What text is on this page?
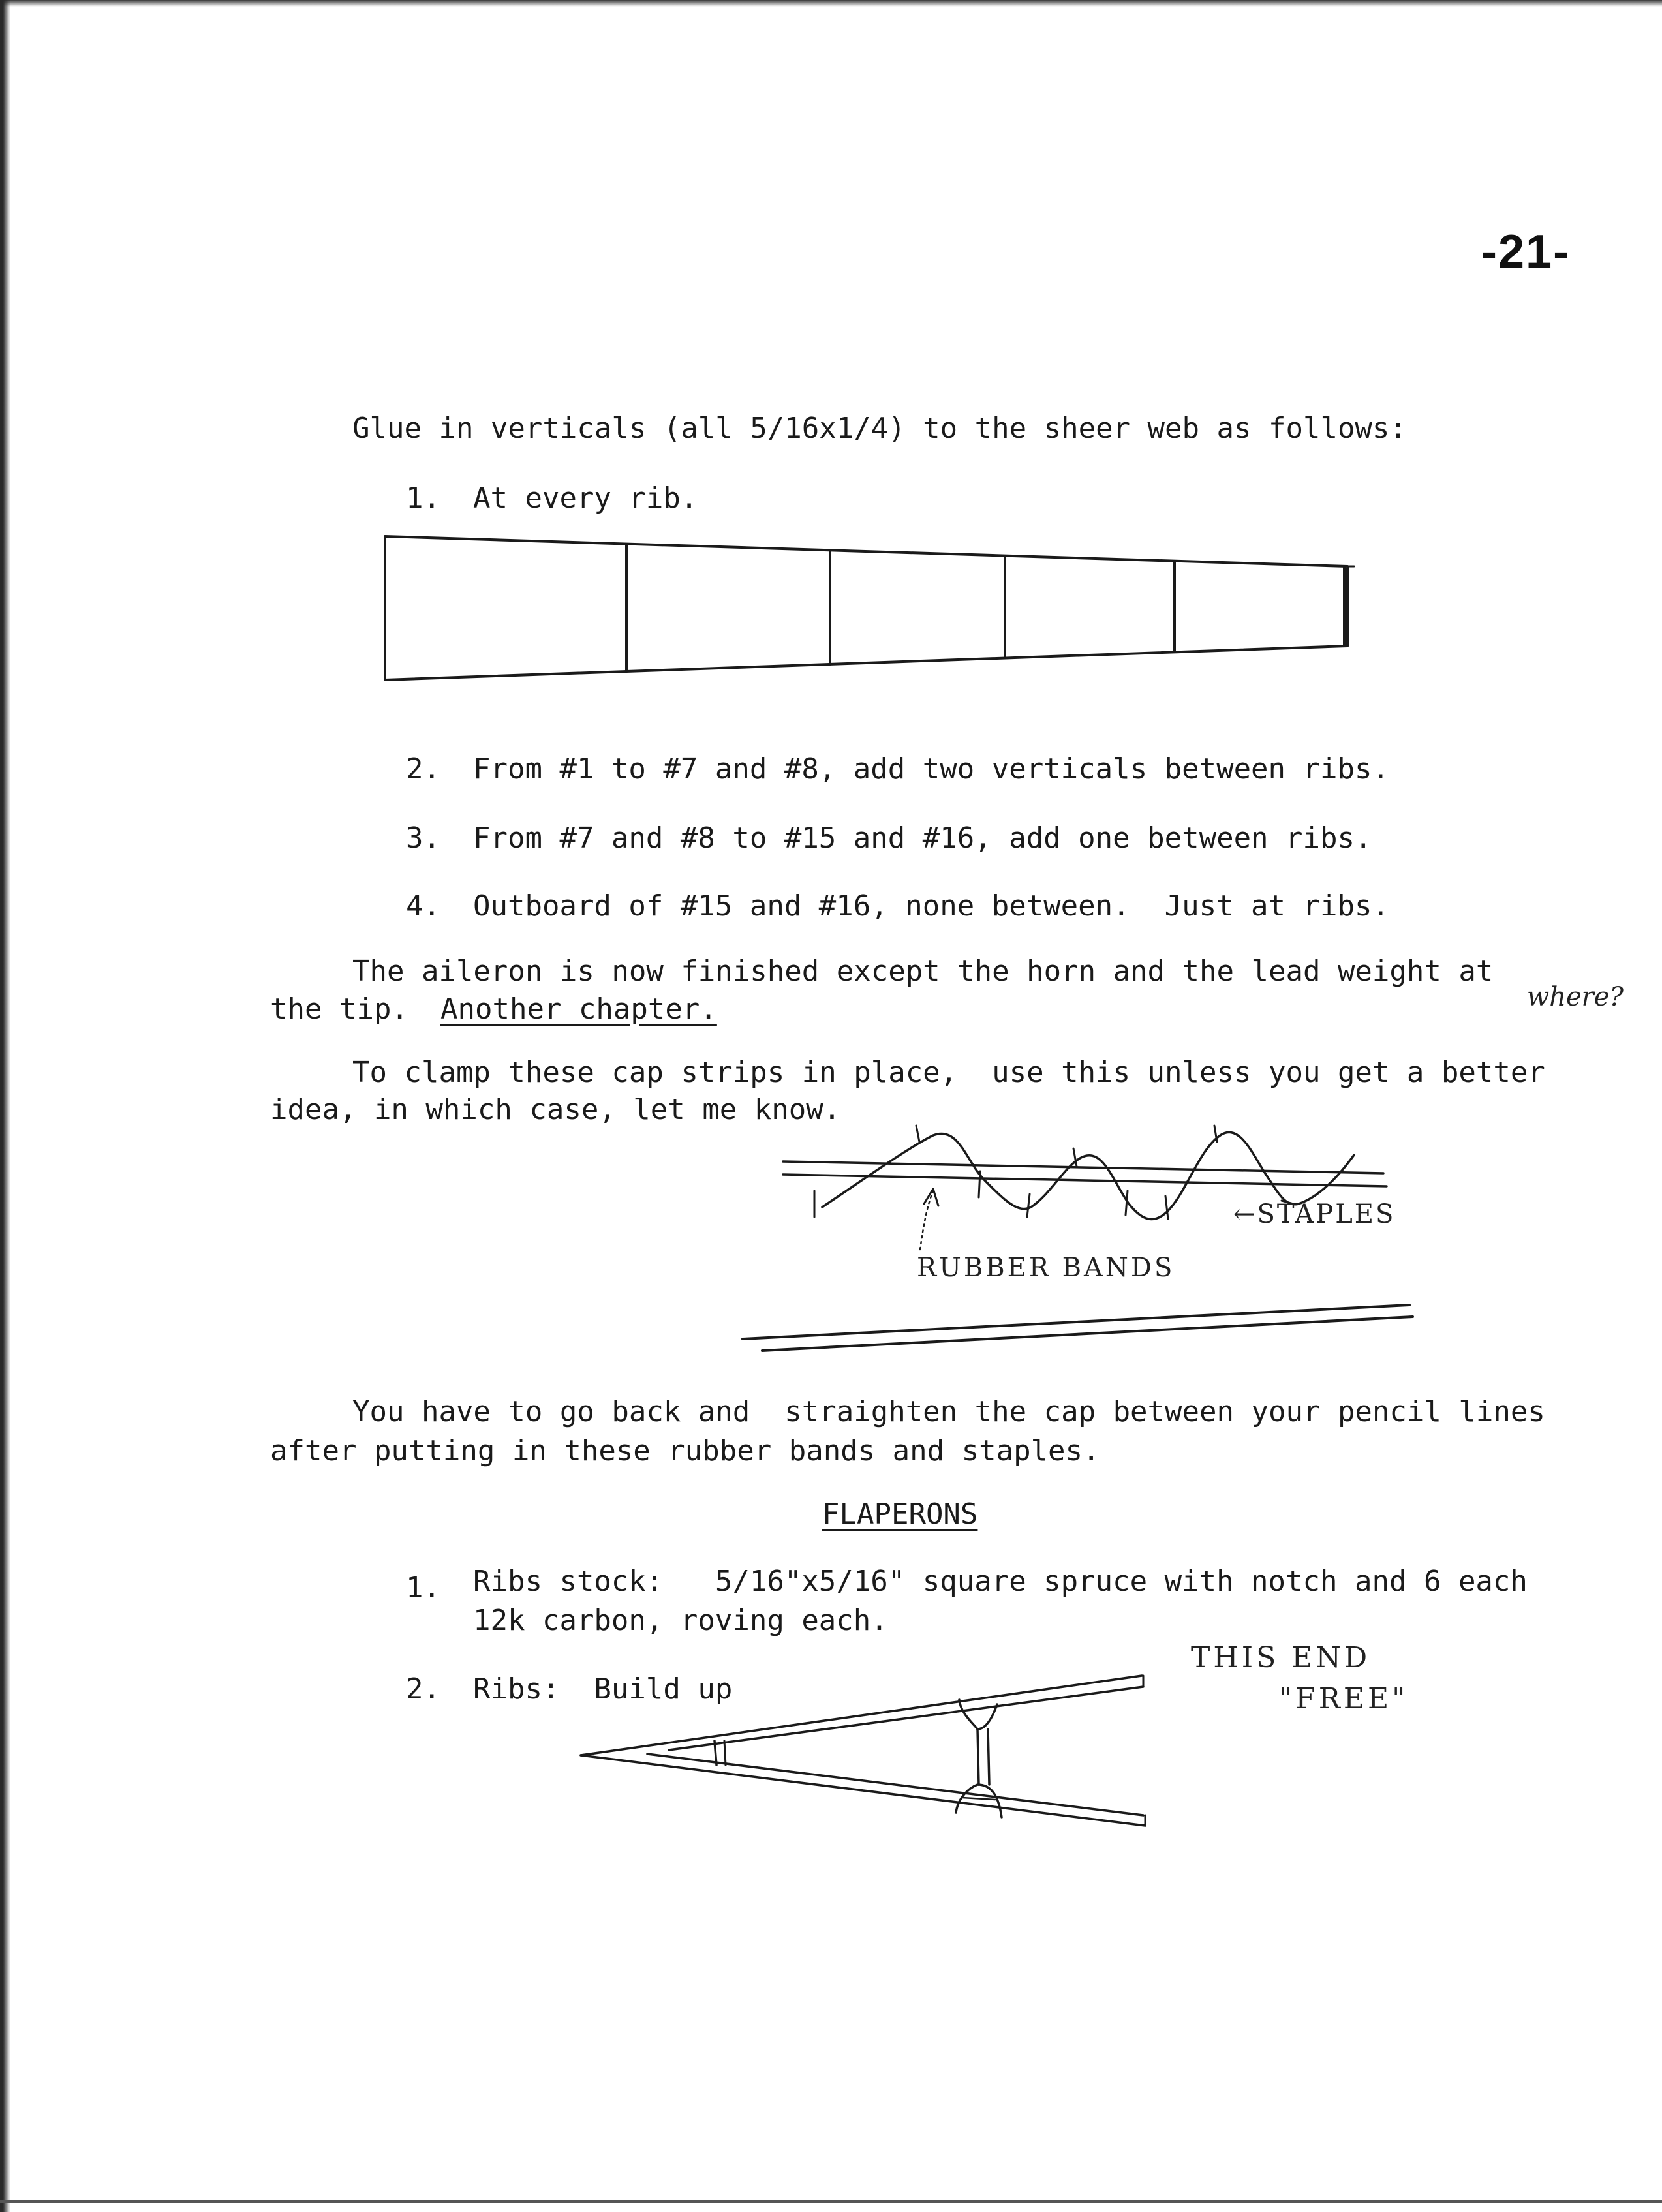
-21-
Glue in verticals (all 5/16x1/4) to the sheer web as follows:
1. At every rib.
2. From #1 to #7 and #8, add two verticals between ribs.
3. From #7 and #8 to #15 and #16, add one between ribs.
4. Outboard of #15 and #16, none between.  Just at ribs.
The aileron is now finished except the horn and the lead weight at
the tip. Another chapter.	where?
To clamp these cap strips in place,  use this unless you get a better
idea, in which case, let me know.
←STAPLES
RUBBER BANDS
You have to go back and  straighten the cap between your pencil lines
after putting in these rubber bands and staples.
FLAPERONS
1. Ribs stock:   5/16"x5/16" square spruce with notch and 6 each
12k carbon, roving each.
2. Ribs:  Build up
THIS END
"FREE"
